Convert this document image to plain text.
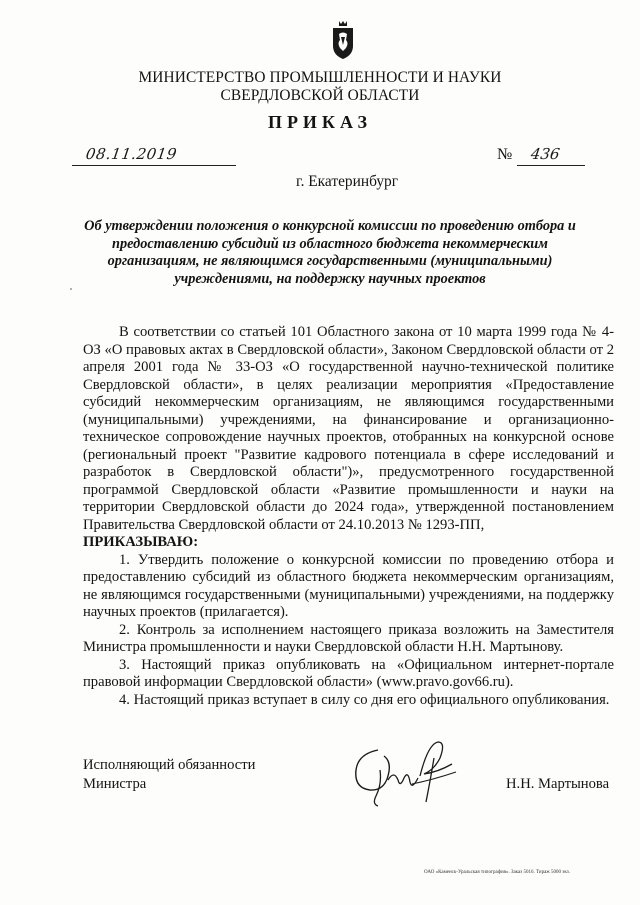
МИНИСТЕРСТВО ПРОМЫШЛЕННОСТИ И НАУКИ
СВЕРДЛОВСКОЙ ОБЛАСТИ
ПРИКАЗ
08.11.2019	№ 436
г. Екатеринбург
Об утверждении положения о конкурсной комиссии по проведению отбора и предоставлению субсидий из областного бюджета некоммерческим организациям, не являющимся государственными (муниципальными) учреждениями, на поддержку научных проектов

В соответствии со статьей 101 Областного закона от 10 марта 1999 года № 4-ОЗ «О правовых актах в Свердловской области», Законом Свердловской области от 2 апреля 2001 года № 33-ОЗ «О государственной научно-технической политике Свердловской области», в целях реализации мероприятия «Предоставление субсидий некоммерческим организациям, не являющимся государственными (муниципальными) учреждениями, на финансирование и организационно-техническое сопровождение научных проектов, отобранных на конкурсной основе (региональный проект "Развитие кадрового потенциала в сфере исследований и разработок в Свердловской области")», предусмотренного государственной программой Свердловской области «Развитие промышленности и науки на территории Свердловской области до 2024 года», утвержденной постановлением Правительства Свердловской области от 24.10.2013 № 1293-ПП,

ПРИКАЗЫВАЮ:

1. Утвердить положение о конкурсной комиссии по проведению отбора и предоставлению субсидий из областного бюджета некоммерческим организациям, не являющимся государственными (муниципальными) учреждениями, на поддержку научных проектов (прилагается).

2. Контроль за исполнением настоящего приказа возложить на Заместителя Министра промышленности и науки Свердловской области Н.Н. Мартынову.

3. Настоящий приказ опубликовать на «Официальном интернет-портале правовой информации Свердловской области» (www.pravo.gov66.ru).

4. Настоящий приказ вступает в силу со дня его официального опубликования.

Исполняющий обязанности
Министра	Н.Н. Мартынова
ОАО «Каменск-Уральская типография». Заказ 5016. Тираж 5000 экз.
